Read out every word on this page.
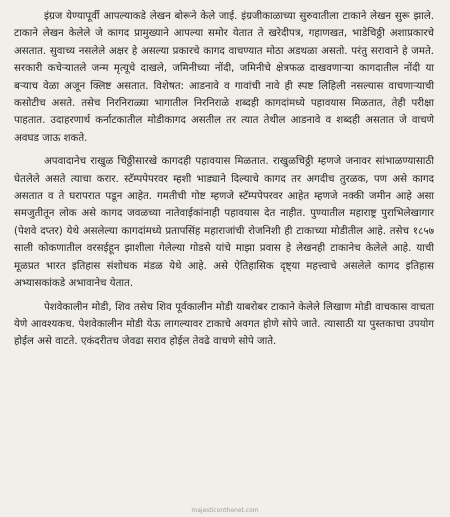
इंग्रज येण्यापूर्वी आपल्याकडे लेखन बोरूने केले जाई. इंग्रजीकाळाच्या सुरुवातीला टाकाने लेखन सुरू झाले. टाकाने लेखन केलेले जे कागद प्रामुख्याने आपल्या समोर येतात ते खरेदीपत्र, गहाणखत, भाडेचिठ्ठी अशाप्रकारचे असतात. सुवाच्य नसलेले अक्षर हे असल्या प्रकारचे कागद वाचण्यात मोठा अडथळा असतो. परंतु सरावाने हे जमते. सरकारी कचेऱ्यातले जन्म मृत्यूचे दाखले, जमिनीच्या नोंदी, जमिनीचे क्षेत्रफळ दाखवणाऱ्या कागदातील नोंदी या बऱ्याच वेळा अजून क्लिष्ट असतात. विशेषत: आडनावे व गावांची नावे ही स्पष्ट लिहिली नसल्यास वाचणाऱ्याची कसोटीच असते. तसेच निरनिराळ्या भागातील निरनिराळे शब्दही कागदांमध्ये पहावयास मिळतात, तेही परीक्षा पाहतात. उदाहरणार्थ कर्नाटकातील मोडीकागद असतील तर त्यात तेथील आडनावे व शब्दही असतात जे वाचणे अवघड जाऊ शकते.

अपवादानेच राखुळ चिठ्ठीसारखे कागदही पहावयास मिळतात. राखुळचिठ्ठी म्हणजे जनावर सांभाळण्यासाठी घेतलेले असते त्याचा करार. स्टॅम्पपेपरवर म्हशी भाड्याने दिल्याचे कागद तर अगदीच तुरळक, पण असे कागद असतात व ते घरापरात पडून आहेत. गमतीची गोष्ट म्हणजे स्टॅम्पपेपरवर आहेत म्हणजे नक्की जमीन आहे असा समजुतीतून लोक असे कागद जवळच्या नातेवाईकांनाही पहावयास देत नाहीत. पुण्यातील महाराष्ट्र पुराभिलेखागार (पेशवे दप्तर) येथे असलेल्या कागदांमध्ये प्रतापसिंह महाराजांची रोजनिशी ही टाकाच्या मोडीतील आहे. तसेच १८५७ साली कोकणातील वरसईहून झाशीला गेलेल्या गोडसे यांचे माझा प्रवास हे लेखनही टाकानेच केलेले आहे. याची मूळप्रत भारत इतिहास संशोधक मंडळ येथे आहे. असे ऐतिहासिक दृष्ट्या महत्त्वाचे असलेले कागद इतिहास अभ्यासकांकडे अभावानेच येतात.

पेशवेकालीन मोडी, शिव तसेच शिव पूर्वकालीन मोडी याबरोबर टाकाने केलेले लिखाण मोडी वाचकास वाचता येणे आवश्यकच. पेशवेकालीन मोडी येऊ लागल्यावर टाकाचे अवगत होणे सोपे जाते. त्यासाठी या पुस्तकाचा उपयोग होईल असे वाटते. एकंदरीतच जेवढा सराव होईल तेवढे वाचणे सोपे जाते.

majesticonthenet.com
